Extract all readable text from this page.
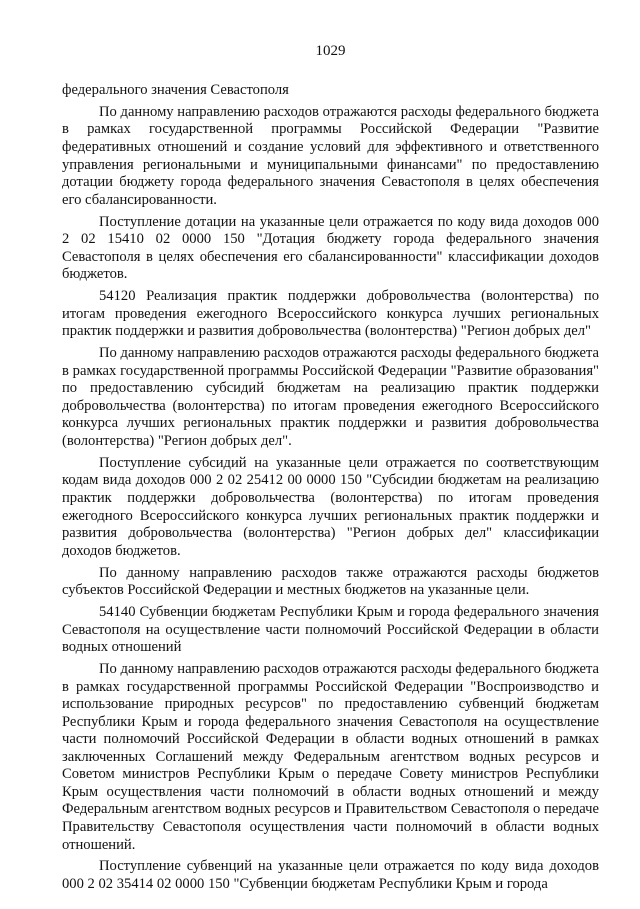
1029

федерального значения Севастополя

По данному направлению расходов отражаются расходы федерального бюджета в рамках государственной программы Российской Федерации "Развитие федеративных отношений и создание условий для эффективного и ответственного управления региональными и муниципальными финансами" по предоставлению дотации бюджету города федерального значения Севастополя в целях обеспечения его сбалансированности.

Поступление дотации на указанные цели отражается по коду вида доходов 000 2 02 15410 02 0000 150 "Дотация бюджету города федерального значения Севастополя в целях обеспечения его сбалансированности" классификации доходов бюджетов.

54120 Реализация практик поддержки добровольчества (волонтерства) по итогам проведения ежегодного Всероссийского конкурса лучших региональных практик поддержки и развития добровольчества (волонтерства) "Регион добрых дел"

По данному направлению расходов отражаются расходы федерального бюджета в рамках государственной программы Российской Федерации "Развитие образования" по предоставлению субсидий бюджетам на реализацию практик поддержки добровольчества (волонтерства) по итогам проведения ежегодного Всероссийского конкурса лучших региональных практик поддержки и развития добровольчества (волонтерства) "Регион добрых дел".

Поступление субсидий на указанные цели отражается по соответствующим кодам вида доходов 000 2 02 25412 00 0000 150 "Субсидии бюджетам на реализацию практик поддержки добровольчества (волонтерства) по итогам проведения ежегодного Всероссийского конкурса лучших региональных практик поддержки и развития добровольчества (волонтерства) "Регион добрых дел" классификации доходов бюджетов.

По данному направлению расходов также отражаются расходы бюджетов субъектов Российской Федерации и местных бюджетов на указанные цели.

54140 Субвенции бюджетам Республики Крым и города федерального значения Севастополя на осуществление части полномочий Российской Федерации в области водных отношений

По данному направлению расходов отражаются расходы федерального бюджета в рамках государственной программы Российской Федерации "Воспроизводство и использование природных ресурсов" по предоставлению субвенций бюджетам Республики Крым и города федерального значения Севастополя на осуществление части полномочий Российской Федерации в области водных отношений в рамках заключенных Соглашений между Федеральным агентством водных ресурсов и Советом министров Республики Крым о передаче Совету министров Республики Крым осуществления части полномочий в области водных отношений и между Федеральным агентством водных ресурсов и Правительством Севастополя о передаче Правительству Севастополя осуществления части полномочий в области водных отношений.

Поступление субвенций на указанные цели отражается по коду вида доходов 000 2 02 35414 02 0000 150 "Субвенции бюджетам Республики Крым и города
